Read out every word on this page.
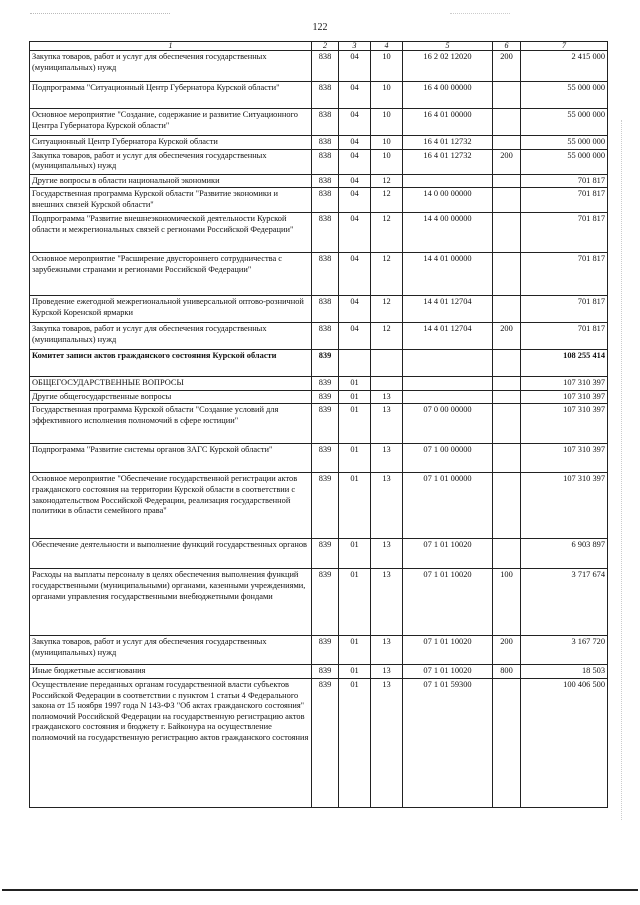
122
1	2	3	4	5	6	7
Закупка товаров, работ и услуг для обеспечения государственных (муниципальных) нужд	838	04	10	16 2 02 12020	200	2 415 000
Подпрограмма "Ситуационный Центр Губернатора Курской области"	838	04	10	16 4 00 00000		55 000 000
Основное мероприятие "Создание, содержание и развитие Ситуационного Центра Губернатора Курской области"	838	04	10	16 4 01 00000		55 000 000
Ситуационный Центр Губернатора Курской области	838	04	10	16 4 01 12732		55 000 000
Закупка товаров, работ и услуг для обеспечения государственных (муниципальных) нужд	838	04	10	16 4 01 12732	200	55 000 000
Другие вопросы в области национальной экономики	838	04	12			701 817
Государственная программа Курской области "Развитие экономики и внешних связей Курской области"	838	04	12	14 0 00 00000		701 817
Подпрограмма "Развитие внешнеэкономической деятельности Курской области и межрегиональных связей с регионами Российской Федерации"	838	04	12	14 4 00 00000		701 817
Основное мероприятие "Расширение двустороннего сотрудничества с зарубежными странами и регионами Российской Федерации"	838	04	12	14 4 01 00000		701 817
Проведение ежегодной межрегиональной универсальной оптово-розничной Курской Коренской ярмарки	838	04	12	14 4 01 12704		701 817
Закупка товаров, работ и услуг для обеспечения государственных (муниципальных) нужд	838	04	12	14 4 01 12704	200	701 817
Комитет записи актов гражданского состояния Курской области	839					108 255 414
ОБЩЕГОСУДАРСТВЕННЫЕ ВОПРОСЫ	839	01				107 310 397
Другие общегосударственные вопросы	839	01	13			107 310 397
Государственная программа Курской области "Создание условий для эффективного исполнения полномочий в сфере юстиции"	839	01	13	07 0 00 00000		107 310 397
Подпрограмма "Развитие системы органов ЗАГС Курской области"	839	01	13	07 1 00 00000		107 310 397
Основное мероприятие "Обеспечение государственной регистрации актов гражданского состояния на территории Курской области в соответствии с законодательством Российской Федерации, реализация государственной политики в области семейного права"	839	01	13	07 1 01 00000		107 310 397
Обеспечение деятельности и выполнение функций государственных органов	839	01	13	07 1 01 10020		6 903 897
Расходы на выплаты персоналу в целях обеспечения выполнения функций государственными (муниципальными) органами, казенными учреждениями, органами управления государственными внебюджетными фондами	839	01	13	07 1 01 10020	100	3 717 674
Закупка товаров, работ и услуг для обеспечения государственных (муниципальных) нужд	839	01	13	07 1 01 10020	200	3 167 720
Иные бюджетные ассигнования	839	01	13	07 1 01 10020	800	18 503
Осуществление переданных органам государственной власти субъектов Российской Федерации в соответствии с пунктом 1 статьи 4 Федерального закона от 15 ноября 1997 года N 143-ФЗ "Об актах гражданского состояния" полномочий Российской Федерации на государственную регистрацию актов гражданского состояния и бюджету г. Байконура на осуществление полномочий на государственную регистрацию актов гражданского состояния	839	01	13	07 1 01 59300		100 406 500
